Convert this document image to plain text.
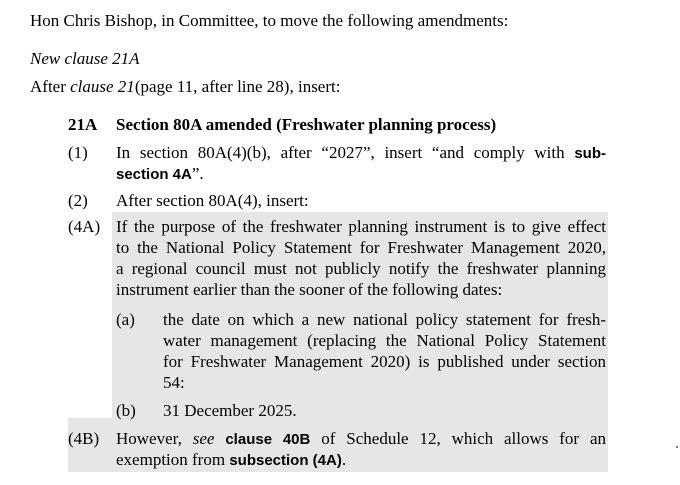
Hon Chris Bishop, in Committee, to move the following amendments:
New clause 21A
After clause 21(page 11, after line 28), insert:
21A Section 80A amended (Freshwater planning process)
(1) In section 80A(4)(b), after “2027”, insert “and comply with sub-
section 4A”.
(2) After section 80A(4), insert:
(4A) If the purpose of the freshwater planning instrument is to give effect
to the National Policy Statement for Freshwater Management 2020,
a regional council must not publicly notify the freshwater planning
instrument earlier than the sooner of the following dates:
(a) the date on which a new national policy statement for fresh-
water management (replacing the National Policy Statement
for Freshwater Management 2020) is published under section
54:
(b) 31 December 2025.
(4B) However, see clause 40B of Schedule 12, which allows for an
exemption from subsection (4A).
